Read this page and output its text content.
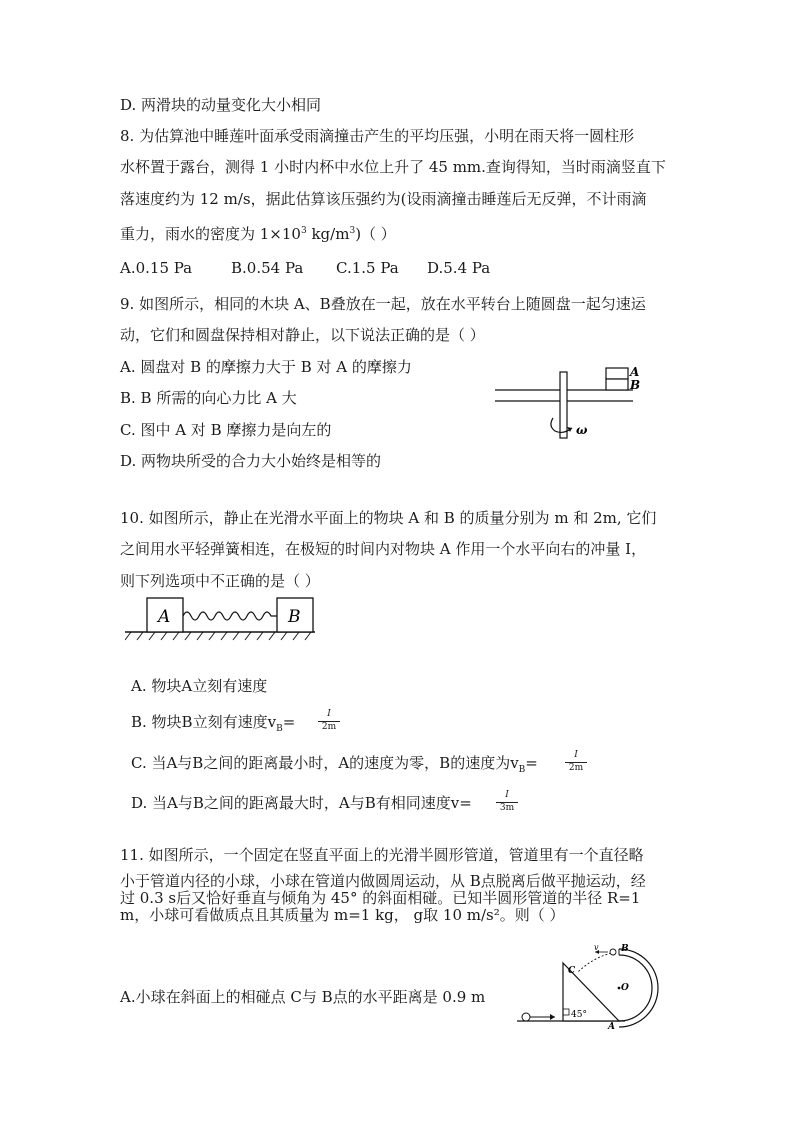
D. 两滑块的动量变化大小相同
8. 为估算池中睡莲叶面承受雨滴撞击产生的平均压强，小明在雨天将一圆柱形
水杯置于露台，测得 1 小时内杯中水位上升了 45 mm.查询得知，当时雨滴竖直下
落速度约为 12 m/s，据此估算该压强约为(设雨滴撞击睡莲后无反弹，不计雨滴
重力，雨水的密度为 $1\times 10^3$ $kg/m^3$)（ ）
A.0.15 Pa	B.0.54 Pa C.1.5 Pa D.5.4 Pa
9. 如图所示，相同的木块 A、B叠放在一起，放在水平转台上随圆盘一起匀速运
动，它们和圆盘保持相对静止，以下说法正确的是（ ）
A. 圆盘对 B 的摩擦力大于 B 对 A 的摩擦力
B. B 所需的向心力比 A 大
C. 图中 A 对 B 摩擦力是向左的
D. 两物块所受的合力大小始终是相等的
A
B
ω
10. 如图所示，静止在光滑水平面上的物块 A 和 B 的质量分别为 m 和 2m, 它们
之间用水平轻弹簧相连，在极短的时间内对物块 A 作用一个水平向右的冲量 I，
则下列选项中不正确的是（ ）
A	B
A. 物块A立刻有速度
B. 物块B立刻有速度$v_B=$	I
2m
C. 当A与B之间的距离最小时，A的速度为零，B的速度为$v_B=$	I
2m
D. 当A与B之间的距离最大时，A与B有相同速度v=	I
3m
11. 如图所示，一个固定在竖直平面上的光滑半圆形管道，管道里有一个直径略
小于管道内径的小球，小球在管道内做圆周运动，从 B点脱离后做平抛运动，经
过 0.3 s后又恰好垂直与倾角为 45° 的斜面相碰。已知半圆形管道的半径 R=1
m，小球可看做质点且其质量为 m=1 kg， g取 10 m/s²。则（ ）
A.小球在斜面上的相碰点 C与 B点的水平距离是 0.9 m
45°
v B
C
O
A
